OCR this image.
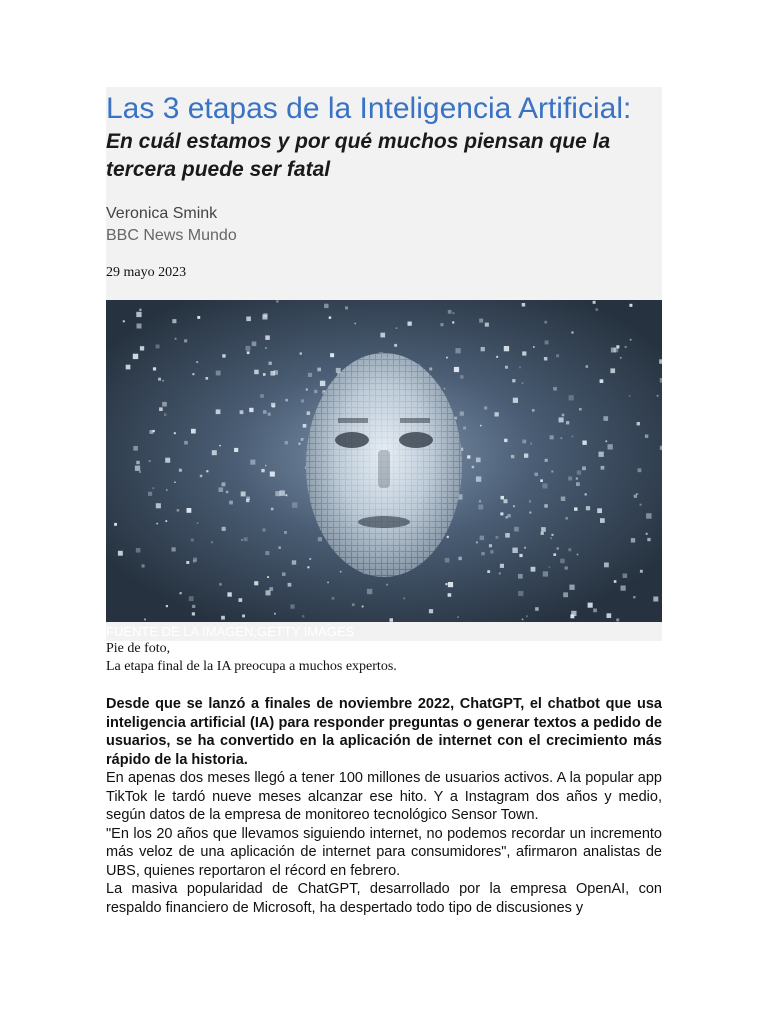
Las 3 etapas de la Inteligencia Artificial:
En cuál estamos y por qué muchos piensan que la tercera puede ser fatal
Veronica Smink
BBC News Mundo
29 mayo 2023
FUENTE DE LA IMAGEN,GETTY IMAGES
Pie de foto,
La etapa final de la IA preocupa a muchos expertos.

Desde que se lanzó a finales de noviembre 2022, ChatGPT, el chatbot que usa inteligencia artificial (IA) para responder preguntas o generar textos a pedido de usuarios, se ha convertido en la aplicación de internet con el crecimiento más rápido de la historia.

En apenas dos meses llegó a tener 100 millones de usuarios activos. A la popular app TikTok le tardó nueve meses alcanzar ese hito. Y a Instagram dos años y medio, según datos de la empresa de monitoreo tecnológico Sensor Town.

"En los 20 años que llevamos siguiendo internet, no podemos recordar un incremento más veloz de una aplicación de internet para consumidores", afirmaron analistas de UBS, quienes reportaron el récord en febrero.

La masiva popularidad de ChatGPT, desarrollado por la empresa OpenAI, con respaldo financiero de Microsoft, ha despertado todo tipo de discusiones y
